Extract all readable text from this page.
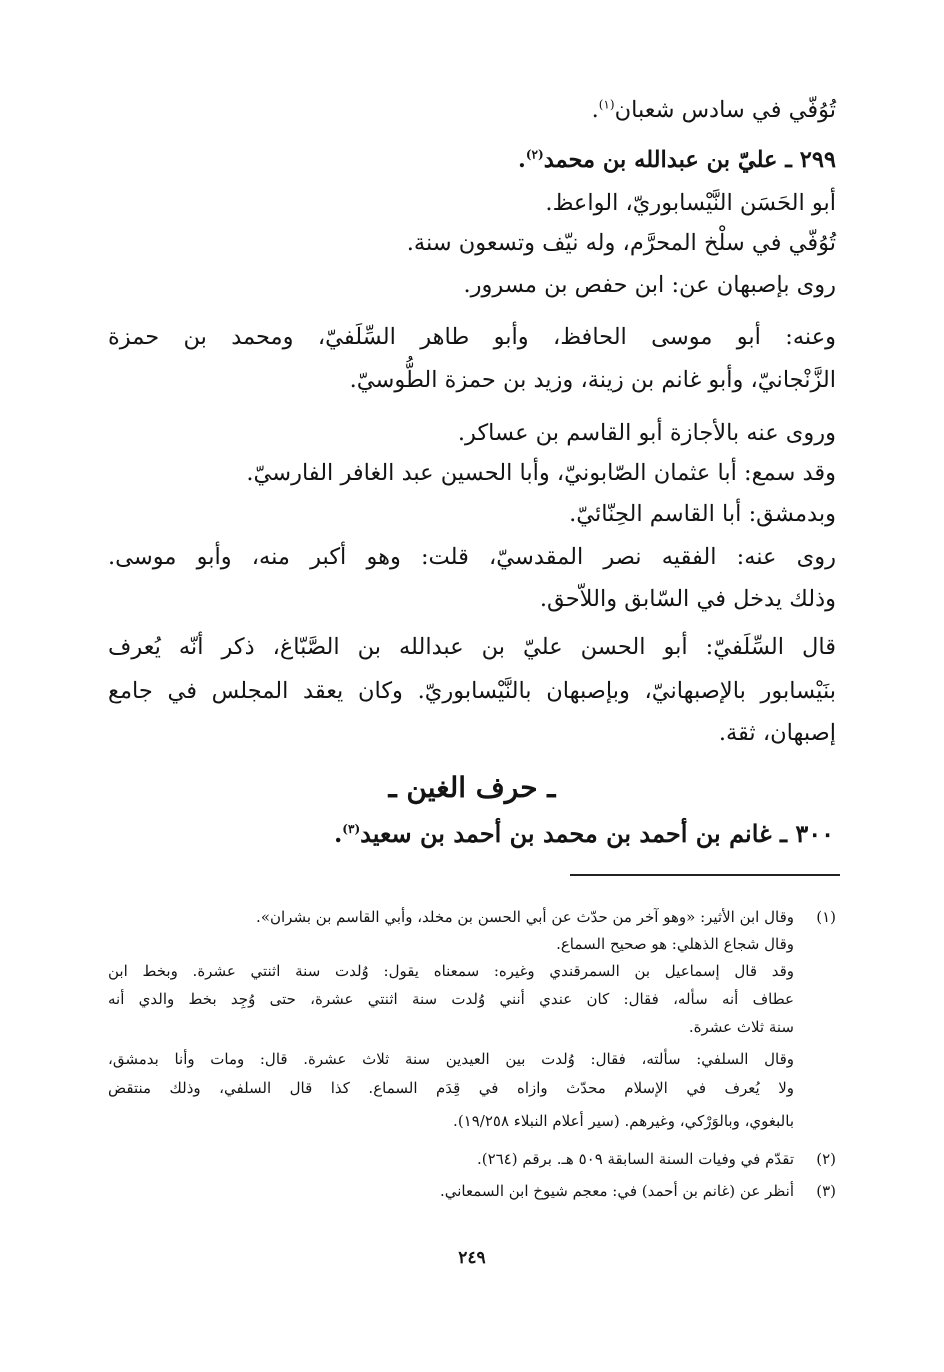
تُوُفّي في سادس شعبان$^{(١)}$.
٢٩٩ ـ عليّ بن عبدالله بن محمد$^{(٢)}$.
أبو الحَسَن النَّيْسابوريّ، الواعظ.
تُوُفّي في سلْخ المحرَّم، وله نيّف وتسعون سنة.
روى بإصبهان عن: ابن حفص بن مسرور.
وعنه: أبو موسى الحافظ، وأبو طاهر السِّلَفيّ، ومحمد بن حمزة
الزَّنْجانيّ، وأبو غانم بن زينة، وزيد بن حمزة الطُّوسيّ.
وروى عنه بالأجازة أبو القاسم بن عساكر.
وقد سمع: أبا عثمان الصّابونيّ، وأبا الحسين عبد الغافر الفارسيّ.
وبدمشق: أبا القاسم الحِنّائيّ.
روى عنه: الفقيه نصر المقدسيّ، قلت: وهو أكبر منه، وأبو موسى.
وذلك يدخل في السّابق واللاّحق.
قال السِّلَفيّ: أبو الحسن عليّ بن عبدالله بن الصَّبّاغ، ذكر أنّه يُعرف
بنَيْسابور بالإصبهانيّ، وبإصبهان بالنَّيْسابوريّ. وكان يعقد المجلس في جامع
إصبهان، ثقة.
ـ حرف الغين ـ
٣٠٠ ـ غانم بن أحمد بن محمد بن أحمد بن سعيد$^{(٣)}$.
(١)
وقال ابن الأثير: «وهو آخر من حدّث عن أبي الحسن بن مخلد، وأبي القاسم بن بشران».
وقال شجاع الذهلي: هو صحيح السماع.
وقد قال إسماعيل بن السمرقندي وغيره: سمعناه يقول: وُلدت سنة اثنتي عشرة. وبخط ابن
عطاف أنه سأله، فقال: كان عندي أنني وُلدت سنة اثنتي عشرة، حتى وُجِد بخط والدي أنه
سنة ثلاث عشرة.
وقال السلفي: سألته، فقال: وُلدت بين العيدين سنة ثلاث عشرة. قال: ومات وأنا بدمشق،
ولا يُعرف في الإسلام محدّث وازاه في قِدَم السماع. كذا قال السلفي، وذلك منتقض
بالبغوي، وبالوَرْكي، وغيرهم. (سير أعلام النبلاء ١٩/٢٥٨).
(٢)
تقدّم في وفيات السنة السابقة ٥٠٩ هـ. برقم (٢٦٤).
(٣)
أنظر عن (غانم بن أحمد) في: معجم شيوخ ابن السمعاني.
٢٤٩
